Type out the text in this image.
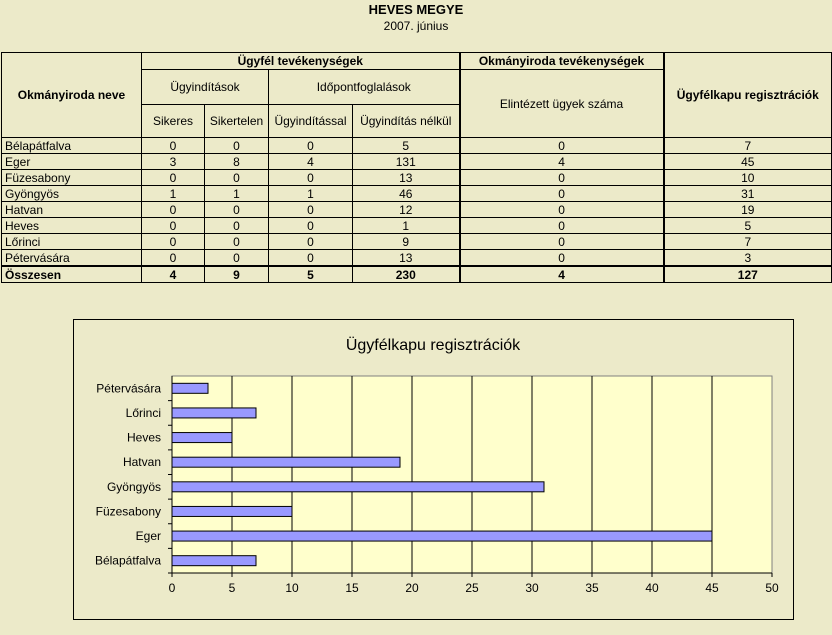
HEVES MEGYE
2007. június
Okmányiroda neve	Ügyfél tevékenységek				Okmányiroda tevékenységek	Ügyfélkapu regisztrációk
	Ügyindítások		Időpontfoglalások		Elintézett ügyek száma	
	Sikeres	Sikertelen	Ügyindítással	Ügyindítás nélkül		
Bélapátfalva	0	0	0	5	0	7
Eger	3	8	4	131	4	45
Füzesabony	0	0	0	13	0	10
Gyöngyös	1	1	1	46	0	31
Hatvan	0	0	0	12	0	19
Heves	0	0	0	1	0	5
Lőrinci	0	0	0	9	0	7
Pétervására	0	0	0	13	0	3
Összesen	4	9	5	230	4	127
Ügyfélkapu regisztrációk
0	5	10	15	20	25	30	35	40	45	50
Bélapátfalva
Eger
Füzesabony
Gyöngyös
Hatvan
Heves
Lőrinci
Pétervására
